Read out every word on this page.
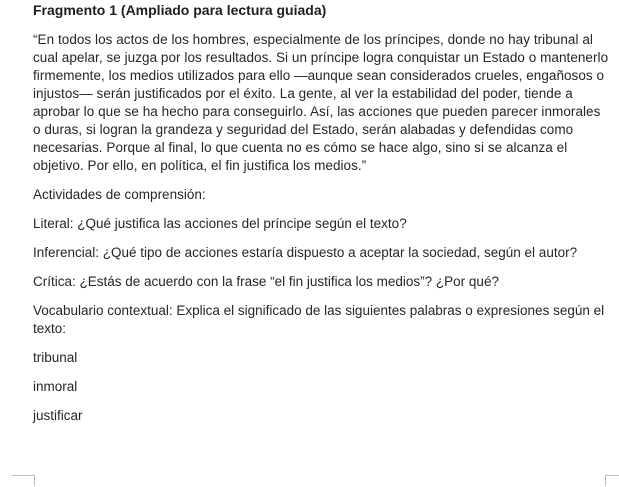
Fragmento 1 (Ampliado para lectura guiada)

“En todos los actos de los hombres, especialmente de los príncipes, donde no hay tribunal al cual apelar, se juzga por los resultados. Si un príncipe logra conquistar un Estado o mantenerlo firmemente, los medios utilizados para ello —aunque sean considerados crueles, engañosos o injustos— serán justificados por el éxito. La gente, al ver la estabilidad del poder, tiende a aprobar lo que se ha hecho para conseguirlo. Así, las acciones que pueden parecer inmorales o duras, si logran la grandeza y seguridad del Estado, serán alabadas y defendidas como necesarias. Porque al final, lo que cuenta no es cómo se hace algo, sino si se alcanza el objetivo. Por ello, en política, el fin justifica los medios.”

Actividades de comprensión:

Literal: ¿Qué justifica las acciones del príncipe según el texto?

Inferencial: ¿Qué tipo de acciones estaría dispuesto a aceptar la sociedad, según el autor?

Crítica: ¿Estás de acuerdo con la frase “el fin justifica los medios”? ¿Por qué?

Vocabulario contextual: Explica el significado de las siguientes palabras o expresiones según el texto:

tribunal

inmoral

justificar
